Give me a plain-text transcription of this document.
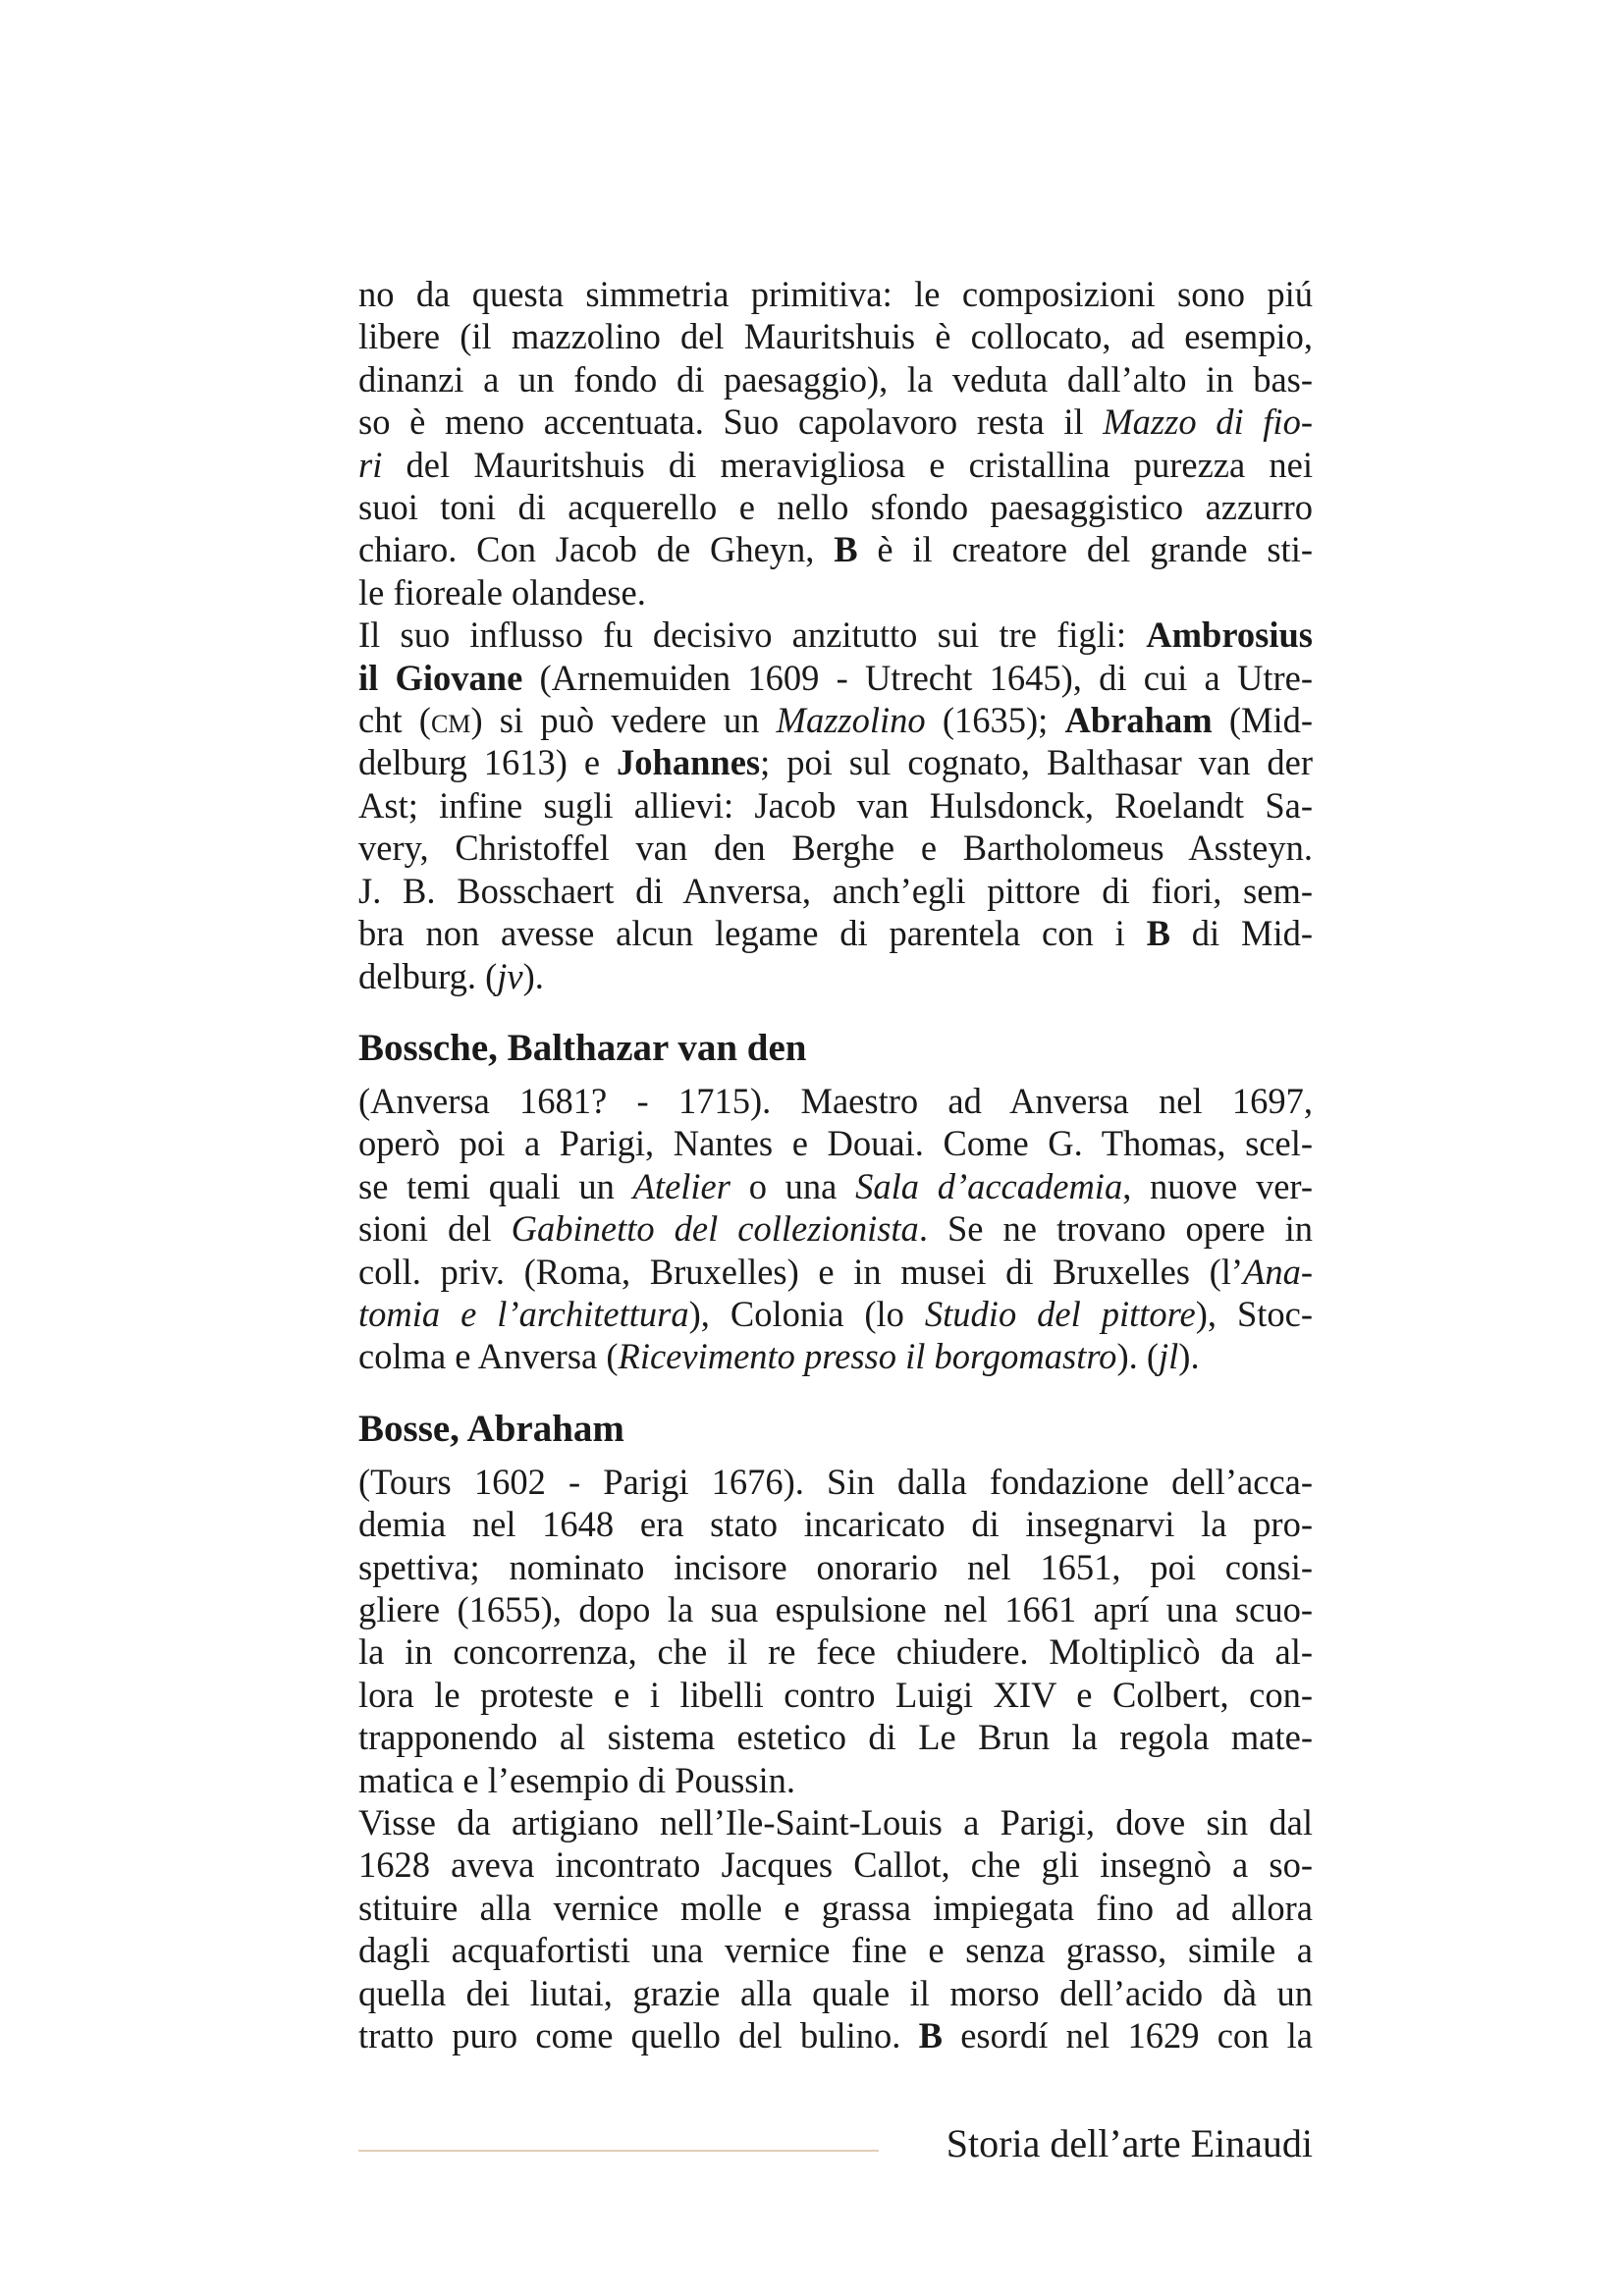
no da questa simmetria primitiva: le composizioni sono piú
libere (il mazzolino del Mauritshuis è collocato, ad esempio,
dinanzi a un fondo di paesaggio), la veduta dall’alto in bas-
so è meno accentuata. Suo capolavoro resta il Mazzo di fio-
ri del Mauritshuis di meravigliosa e cristallina purezza nei
suoi toni di acquerello e nello sfondo paesaggistico azzurro
chiaro. Con Jacob de Gheyn, B è il creatore del grande sti-
le fioreale olandese.
Il suo influsso fu decisivo anzitutto sui tre figli: Ambrosius
il Giovane (Arnemuiden 1609 - Utrecht 1645), di cui a Utre-
cht (cm) si può vedere un Mazzolino (1635); Abraham (Mid-
delburg 1613) e Johannes; poi sul cognato, Balthasar van der
Ast; infine sugli allievi: Jacob van Hulsdonck, Roelandt Sa-
very, Christoffel van den Berghe e Bartholomeus Assteyn.
J. B. Bosschaert di Anversa, anch’egli pittore di fiori, sem-
bra non avesse alcun legame di parentela con i B di Mid-
delburg. (jv).
Bossche, Balthazar van den
(Anversa 1681? - 1715). Maestro ad Anversa nel 1697,
operò poi a Parigi, Nantes e Douai. Come G. Thomas, scel-
se temi quali un Atelier o una Sala d’accademia, nuove ver-
sioni del Gabinetto del collezionista. Se ne trovano opere in
coll. priv. (Roma, Bruxelles) e in musei di Bruxelles (l’Ana-
tomia e l’architettura), Colonia (lo Studio del pittore), Stoc-
colma e Anversa (Ricevimento presso il borgomastro). (jl).
Bosse, Abraham
(Tours 1602 - Parigi 1676). Sin dalla fondazione dell’acca-
demia nel 1648 era stato incaricato di insegnarvi la pro-
spettiva; nominato incisore onorario nel 1651, poi consi-
gliere (1655), dopo la sua espulsione nel 1661 aprí una scuo-
la in concorrenza, che il re fece chiudere. Moltiplicò da al-
lora le proteste e i libelli contro Luigi XIV e Colbert, con-
trapponendo al sistema estetico di Le Brun la regola mate-
matica e l’esempio di Poussin.
Visse da artigiano nell’Ile-Saint-Louis a Parigi, dove sin dal
1628 aveva incontrato Jacques Callot, che gli insegnò a so-
stituire alla vernice molle e grassa impiegata fino ad allora
dagli acquafortisti una vernice fine e senza grasso, simile a
quella dei liutai, grazie alla quale il morso dell’acido dà un
tratto puro come quello del bulino. B esordí nel 1629 con la
Storia dell’arte Einaudi
